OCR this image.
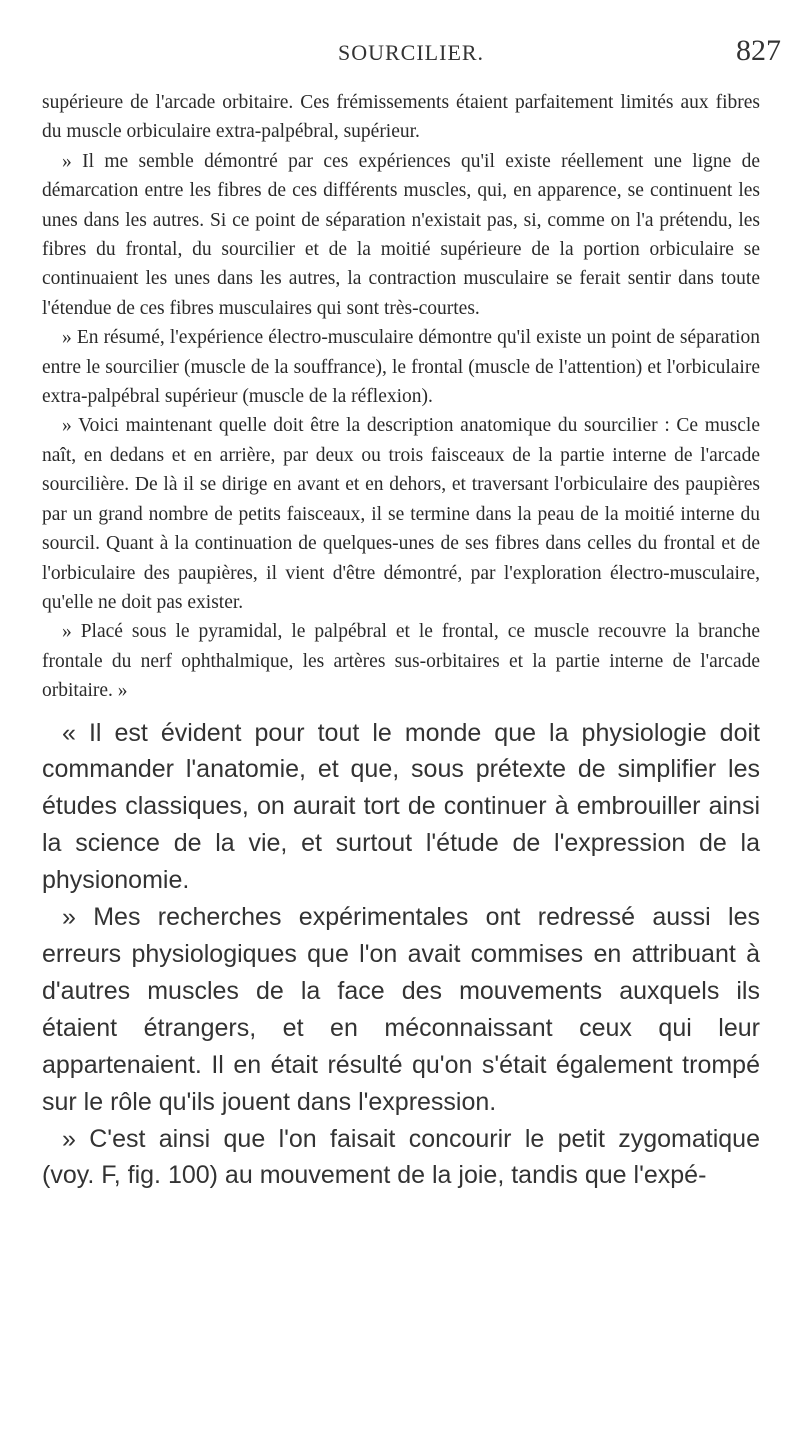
SOURCILIER.	827

supérieure de l'arcade orbitaire. Ces frémissements étaient parfaitement limités aux fibres du muscle orbiculaire extra-palpébral, supérieur.

» Il me semble démontré par ces expériences qu'il existe réellement une ligne de démarcation entre les fibres de ces différents muscles, qui, en apparence, se continuent les unes dans les autres. Si ce point de séparation n'existait pas, si, comme on l'a prétendu, les fibres du frontal, du sourcilier et de la moitié supérieure de la portion orbiculaire se continuaient les unes dans les autres, la contraction musculaire se ferait sentir dans toute l'étendue de ces fibres musculaires qui sont très-courtes.

» En résumé, l'expérience électro-musculaire démontre qu'il existe un point de séparation entre le sourcilier (muscle de la souffrance), le frontal (muscle de l'attention) et l'orbiculaire extra-palpébral supérieur (muscle de la réflexion).

» Voici maintenant quelle doit être la description anatomique du sourcilier : Ce muscle naît, en dedans et en arrière, par deux ou trois faisceaux de la partie interne de l'arcade sourcilière. De là il se dirige en avant et en dehors, et traversant l'orbiculaire des paupières par un grand nombre de petits faisceaux, il se termine dans la peau de la moitié interne du sourcil. Quant à la continuation de quelques-unes de ses fibres dans celles du frontal et de l'orbiculaire des paupières, il vient d'être démontré, par l'exploration électro-musculaire, qu'elle ne doit pas exister.

» Placé sous le pyramidal, le palpébral et le frontal, ce muscle recouvre la branche frontale du nerf ophthalmique, les artères sus-orbitaires et la partie interne de l'arcade orbitaire. »

« Il est évident pour tout le monde que la physiologie doit commander l'anatomie, et que, sous prétexte de simplifier les études classiques, on aurait tort de continuer à embrouiller ainsi la science de la vie, et surtout l'étude de l'expression de la physionomie.

» Mes recherches expérimentales ont redressé aussi les erreurs physiologiques que l'on avait commises en attribuant à d'autres muscles de la face des mouvements auxquels ils étaient étrangers, et en méconnaissant ceux qui leur appartenaient. Il en était résulté qu'on s'était également trompé sur le rôle qu'ils jouent dans l'expression.

» C'est ainsi que l'on faisait concourir le petit zygomatique (voy. F, fig. 100) au mouvement de la joie, tandis que l'expé-
